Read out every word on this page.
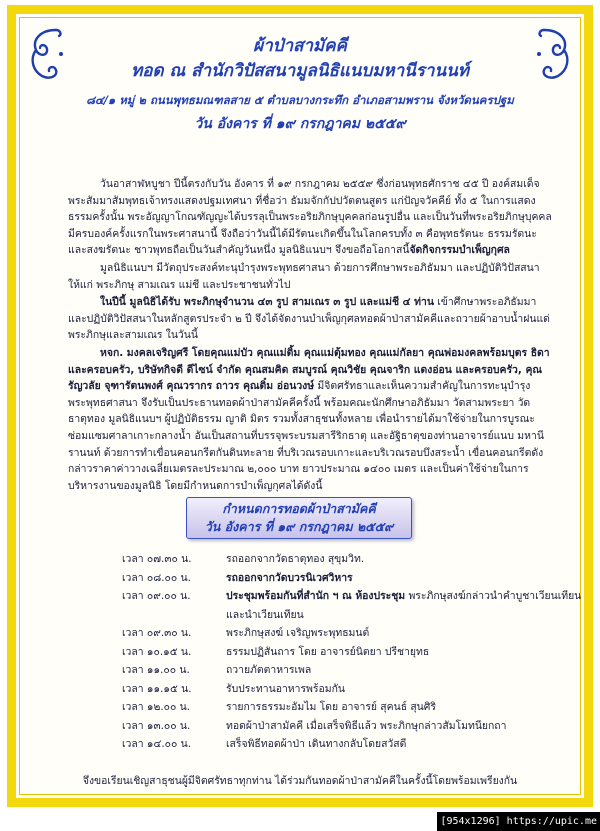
ผ้าป่าสามัคคี
ทอด ณ สำนักวิปัสสนามูลนิธิแนบมหานีรานนท์
๘๔/๑ หมู่ ๒ ถนนพุทธมณฑลสาย ๕ ตำบลบางกระทึก อำเภอสามพราน จังหวัดนครปฐม
วัน อังคาร ที่ ๑๙ กรกฎาคม ๒๕๕๙

วันอาสาฬหบูชา ปีนี้ตรงกับวัน อังคาร ที่ ๑๙ กรกฎาคม ๒๕๕๙ ซึ่งก่อนพุทธศักราช ๔๕ ปี องค์สมเด็จพระสัมมาสัมพุทธเจ้าทรงแสดงปฐมเทศนา ที่ชื่อว่า ธัมมจักกัปปวัตตนสูตร แก่ปัญจวัคคีย์ ทั้ง ๕ ในการแสดงธรรมครั้งนั้น พระอัญญาโกณฑัญญะได้บรรลุเป็นพระอริยภิกษุบุคคลก่อนรูปอื่น และเป็นวันที่พระอริยภิกษุบุคคลมีครบองค์ครั้งแรกในพระศาสนานี้ จึงถือว่าวันนี้ได้มีรัตนะเกิดขึ้นในโลกครบทั้ง ๓ คือพุทธรัตนะ ธรรมรัตนะและสงฆรัตนะ ชาวพุทธถือเป็นวันสำคัญวันหนึ่ง มูลนิธิแนบฯ จึงขอถือโอกาสนี้จัดกิจกรรมบำเพ็ญกุศล

มูลนิธิแนบฯ มีวัตถุประสงค์ทะนุบำรุงพระพุทธศาสนา ด้วยการศึกษาพระอภิธัมมา และปฏิบัติวิปัสสนา ให้แก่ พระภิกษุ สามเณร แม่ชี และประชาชนทั่วไป

ในปีนี้ มูลนิธิได้รับ พระภิกษุจำนวน ๔๓ รูป สามเณร ๓ รูป และแม่ชี ๔ ท่าน เข้าศึกษาพระอภิธัมมา และปฏิบัติวิปัสสนาในหลักสูตรประจำ ๒ ปี จึงได้จัดงานบำเพ็ญกุศลทอดผ้าป่าสามัคคีและถวายผ้าอาบน้ำฝนแด่พระภิกษุและสามเณร ในวันนี้

หจก. มงคลเจริญศรี โดยคุณแม่บัว คุณแม่ติ้ม คุณแม่ตุ้มทอง คุณแม่กัลยา คุณพ่อมงคลพร้อมบุตร ธิดาและครอบครัว, บริษัทกิจดี ดีไซน์ จำกัด คุณสมคิด สมบูรณ์ คุณวิชัย คุณจาริก แดงอ่อน และครอบครัว, คุณรัญวลัย จุฑารัตนพงศ์ คุณวรากร ถาวร คุณติ๋ม อ่อนวงษ์ มีจิตศรัทธาและเห็นความสำคัญในการทะนุบำรุงพระพุทธศาสนา จึงรับเป็นประธานทอดผ้าป่าสามัคคีครั้งนี้ พร้อมคณะนักศึกษาอภิธัมมา วัดสามพระยา วัดธาตุทอง มูลนิธิแนบฯ ผู้ปฏิบัติธรรม ญาติ มิตร รวมทั้งสาธุชนทั้งหลาย เพื่อนำรายได้มาใช้จ่ายในการบูรณะซ่อมแซมศาลาเกาะกลางน้ำ อันเป็นสถานที่บรรจุพระบรมสารีริกธาตุ และอัฐิธาตุของท่านอาจารย์แนบ มหานีรานนท์ ด้วยการทำเขื่อนคอนกรีตกันดินทะลาย ที่บริเวณรอบเกาะและบริเวณรอบบึงสระน้ำ เขื่อนคอนกรีตดังกล่าวราคาค่าวางเฉลี่ยเมตรละประมาณ ๒,๐๐๐ บาท ยาวประมาณ ๑๔๐๐ เมตร และเป็นค่าใช้จ่ายในการบริหารงานของมูลนิธิ โดยมีกำหนดการบำเพ็ญกุศลได้ดังนี้

กำหนดการทอดผ้าป่าสามัคคี
วัน อังคาร ที่ ๑๙ กรกฎาคม ๒๕๕๙
เวลา ๐๗.๓๐ น.	รถออกจากวัดธาตุทอง สุขุมวิท.
เวลา ๐๘.๐๐ น.	รถออกจากวัดบวรนิเวศวิหาร
เวลา ๐๙.๐๐ น.	ประชุมพร้อมกันที่สำนัก ฯ ณ ห้องประชุม พระภิกษุสงฆ์กล่าวนำคำบูชาเวียนเทียน
และนำเวียนเทียน
เวลา ๐๙.๓๐ น.	พระภิกษุสงฆ์ เจริญพระพุทธมนต์
เวลา ๑๐.๑๕ น.	ธรรมปฏิสันถาร โดย อาจารย์นิตยา ปรีชายุทธ
เวลา ๑๑.๐๐ น.	ถวายภัตตาหารเพล
เวลา ๑๑.๑๕ น.	รับประทานอาหารพร้อมกัน
เวลา ๑๒.๐๐ น.	รายการธรรมะอัมไม โดย อาจารย์ สุคนธ์ สุนศิริ
เวลา ๑๓.๐๐ น.	ทอดผ้าป่าสามัคคี เมื่อเสร็จพิธีแล้ว พระภิกษุกล่าวสัมโมทนียกถา
เวลา ๑๔.๐๐ น.	เสร็จพิธีทอดผ้าป่า เดินทางกลับโดยสวัสดี
จึงขอเรียนเชิญสาธุชนผู้มีจิตศรัทธาทุกท่าน ได้ร่วมกันทอดผ้าป่าสามัคคีในครั้งนี้โดยพร้อมเพรียงกัน
[954x1296] https://upic.me
